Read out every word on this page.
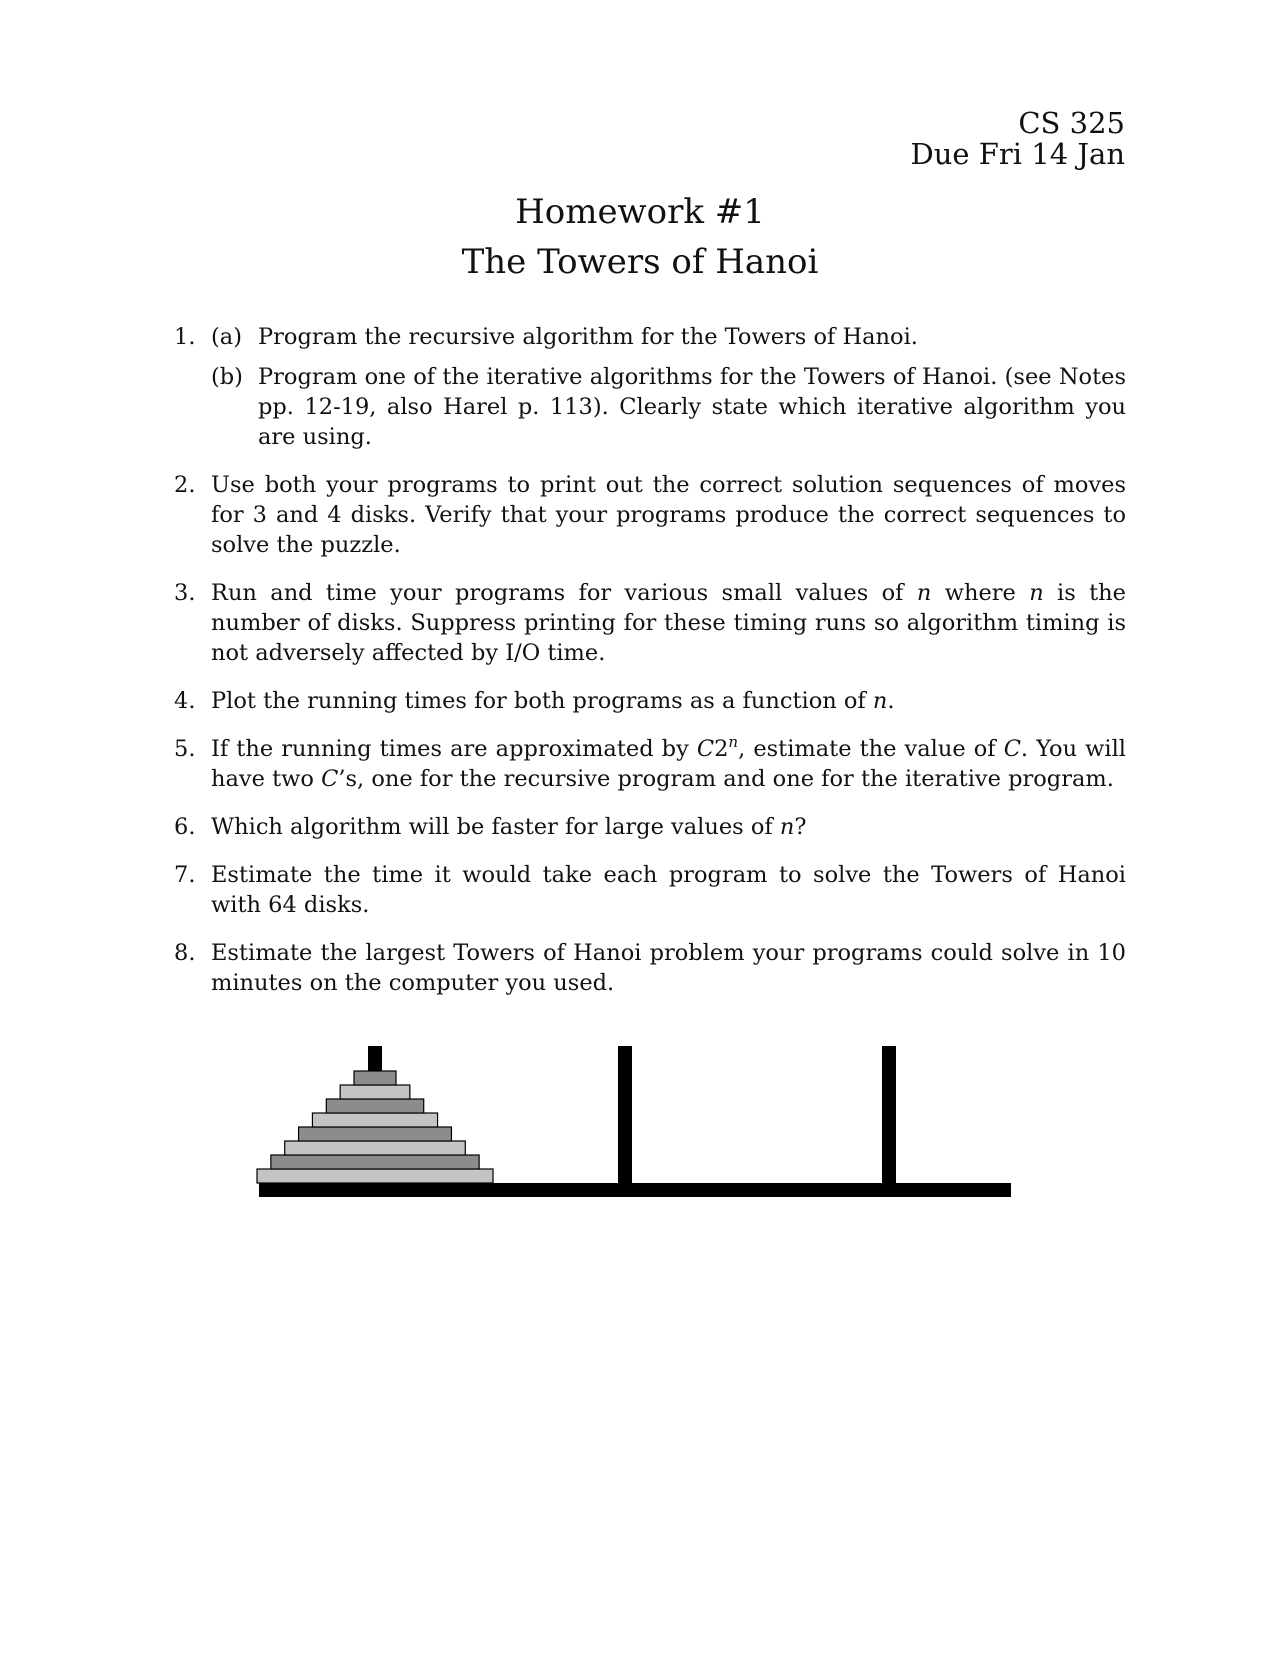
CS 325
Due Fri 14 Jan
Homework #1
The Towers of Hanoi
1. (a) Program the recursive algorithm for the Towers of Hanoi.
(b) Program one of the iterative algorithms for the Towers of Hanoi. (see Notes pp. 12-19, also Harel p. 113). Clearly state which iterative algorithm you are using.
2. Use both your programs to print out the correct solution sequences of moves for 3 and 4 disks. Verify that your programs produce the correct sequences to solve the puzzle.
3. Run and time your programs for various small values of n where n is the number of disks. Suppress printing for these timing runs so algorithm timing is not adversely affected by I/O time.
4. Plot the running times for both programs as a function of n.
5. If the running times are approximated by C2$^n$, estimate the value of C. You will have two C’s, one for the recursive program and one for the iterative program.
6. Which algorithm will be faster for large values of n?
7. Estimate the time it would take each program to solve the Towers of Hanoi with 64 disks.
8. Estimate the largest Towers of Hanoi problem your programs could solve in 10 minutes on the computer you used.
